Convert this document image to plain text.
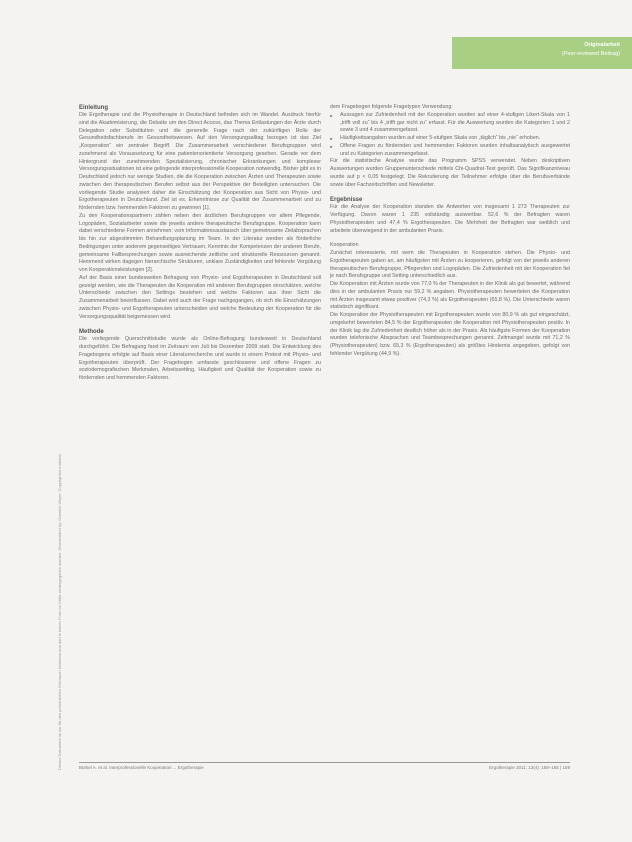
Originalarbeit
(Peer-reviewed Beitrag)
Dieses Dokument ist nur für den persönlichen Gebrauch bestimmt und darf in keiner Form an Dritte weitergegeben werden. Downloaded by: Gabriele Meyer. Copyrighted material.
Einleitung

Die Ergotherapie und die Physiotherapie in Deutschland befinden sich im Wandel. Ausdruck hierfür sind die Akademisierung, die Debatte um den Direct Access, das Thema Entlastungen der Ärzte durch Delegation oder Substitution und die generelle Frage nach der zukünftigen Rolle der Gesundheitsfachberufe im Gesundheitswesen. Auf den Versorgungsalltag bezogen ist das Ziel „Kooperation“ ein zentraler Begriff. Die Zusammenarbeit verschiedener Berufsgruppen wird zunehmend als Voraussetzung für eine patientenorientierte Versorgung gesehen. Gerade vor dem Hintergrund der zunehmenden Spezialisierung, chronischer Erkrankungen und komplexer Versorgungssituationen ist eine gelingende interprofessionelle Kooperation notwendig. Bisher gibt es in Deutschland jedoch nur wenige Studien, die die Kooperation zwischen Ärzten und Therapeuten sowie zwischen den therapeutischen Berufen selbst aus der Perspektive der Beteiligten untersuchen. Die vorliegende Studie analysiert daher die Einschätzung der Kooperation aus Sicht von Physio- und Ergotherapeuten in Deutschland. Ziel ist es, Erkenntnisse zur Qualität der Zusammenarbeit und zu fördernden bzw. hemmenden Faktoren zu gewinnen [1].

Zu den Kooperationspartnern zählen neben den ärztlichen Berufsgruppen vor allem Pflegende, Logopäden, Sozialarbeiter sowie die jeweils andere therapeutische Berufsgruppe. Kooperation kann dabei verschiedene Formen annehmen: vom Informationsaustausch über gemeinsame Zielabsprachen bis hin zur abgestimmten Behandlungsplanung im Team. In der Literatur werden als förderliche Bedingungen unter anderem gegenseitiges Vertrauen, Kenntnis der Kompetenzen der anderen Berufe, gemeinsame Fallbesprechungen sowie ausreichende zeitliche und strukturelle Ressourcen genannt. Hemmend wirken dagegen hierarchische Strukturen, unklare Zuständigkeiten und fehlende Vergütung von Kooperationsleistungen [2].

Auf der Basis einer bundesweiten Befragung von Physio- und Ergotherapeuten in Deutschland soll gezeigt werden, wie die Therapeuten die Kooperation mit anderen Berufsgruppen einschätzen, welche Unterschiede zwischen den Settings bestehen und welche Faktoren aus ihrer Sicht die Zusammenarbeit beeinflussen. Dabei wird auch der Frage nachgegangen, ob sich die Einschätzungen zwischen Physio- und Ergotherapeuten unterscheiden und welche Bedeutung der Kooperation für die Versorgungsqualität beigemessen wird.

Methode

Die vorliegende Querschnittstudie wurde als Online-Befragung bundesweit in Deutschland durchgeführt. Die Befragung fand im Zeitraum von Juli bis Dezember 2009 statt. Die Entwicklung des Fragebogens erfolgte auf Basis einer Literaturrecherche und wurde in einem Pretest mit Physio- und Ergotherapeuten überprüft. Der Fragebogen umfasste geschlossene und offene Fragen zu soziodemografischen Merkmalen, Arbeitssetting, Häufigkeit und Qualität der Kooperation sowie zu fördernden und hemmenden Faktoren.

dem Fragebogen folgende Fragetypen Verwendung:

■ Aussagen zur Zufriedenheit mit der Kooperation wurden auf einer 4-stufigen Likert-Skala von 1 „trifft voll zu“ bis 4 „trifft gar nicht zu“ erfasst. Für die Auswertung wurden die Kategorien 1 und 2 sowie 3 und 4 zusammengefasst.
■ Häufigkeitsangaben wurden auf einer 5-stufigen Skala von „täglich“ bis „nie“ erhoben.
■ Offene Fragen zu fördernden und hemmenden Faktoren wurden inhaltsanalytisch ausgewertet und zu Kategorien zusammengefasst.

Für die statistische Analyse wurde das Programm SPSS verwendet. Neben deskriptiven Auswertungen wurden Gruppenunterschiede mittels Chi-Quadrat-Test geprüft. Das Signifikanzniveau wurde auf p < 0,05 festgelegt. Die Rekrutierung der Teilnehmer erfolgte über die Berufsverbände sowie über Fachzeitschriften und Newsletter.

Ergebnisse

Für die Analyse der Kooperation standen die Antworten von insgesamt 1 273 Therapeuten zur Verfügung. Davon waren 1 235 vollständig auswertbar. 52,6 % der Befragten waren Physiotherapeuten und 47,4 % Ergotherapeuten. Die Mehrheit der Befragten war weiblich und arbeitete überwiegend in der ambulanten Praxis.

Kooperation

Zunächst interessierte, mit wem die Therapeuten in Kooperation stehen. Die Physio- und Ergotherapeuten gaben an, am häufigsten mit Ärzten zu kooperieren, gefolgt von der jeweils anderen therapeutischen Berufsgruppe, Pflegenden und Logopäden. Die Zufriedenheit mit der Kooperation fiel je nach Berufsgruppe und Setting unterschiedlich aus.

Die Kooperation mit Ärzten wurde von 77,0 % der Therapeuten in der Klinik als gut bewertet, während dies in der ambulanten Praxis nur 59,2 % angaben. Physiotherapeuten bewerteten die Kooperation mit Ärzten insgesamt etwas positiver (74,3 %) als Ergotherapeuten (65,8 %). Die Unterschiede waren statistisch signifikant.

Die Kooperation der Physiotherapeuten mit Ergotherapeuten wurde von 80,9 % als gut eingeschätzt, umgekehrt bewerteten 84,5 % der Ergotherapeuten die Kooperation mit Physiotherapeuten positiv. In der Klinik lag die Zufriedenheit deutlich höher als in der Praxis. Als häufigste Formen der Kooperation wurden telefonische Absprachen und Teambesprechungen genannt. Zeitmangel wurde mit 71,2 % (Physiotherapeuten) bzw. 65,3 % (Ergotherapeuten) als größtes Hindernis angegeben, gefolgt von fehlender Vergütung (44,9 %).

Bürkel A. et al. Interprofessionelle Kooperation ... Ergotherapie	Ergotherapie 2011; 13(4): 158–165 | 159
